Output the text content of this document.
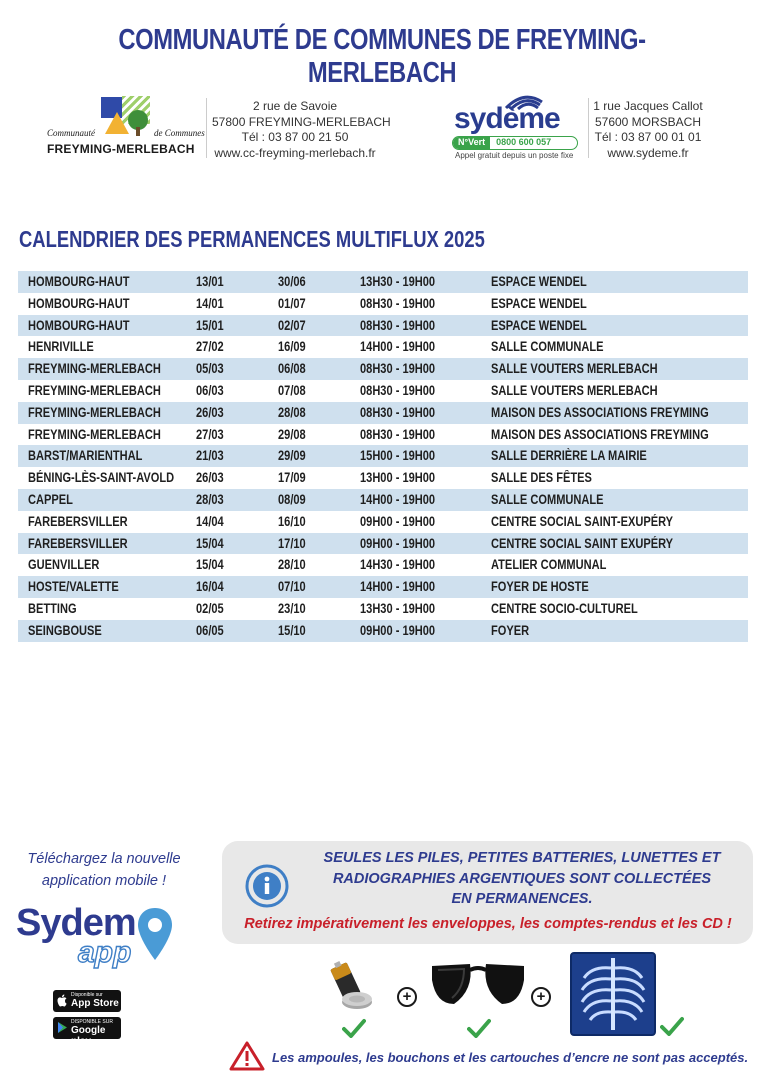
COMMUNAUTÉ DE COMMUNES DE FREYMING-MERLEBACH
Communauté	de Communes
FREYMING-MERLEBACH
2 rue de Savoie
57800 FREYMING-MERLEBACH
Tél : 03 87 00 21 50
www.cc-freyming-merlebach.fr
sydème
N°Vert	0800 600 057
Appel gratuit depuis un poste fixe
1 rue Jacques Callot
57600 MORSBACH
Tél : 03 87 00 01 01
www.sydeme.fr
CALENDRIER DES PERMANENCES MULTIFLUX 2025
HOMBOURG-HAUT	13/01	30/06	13H30 - 19H00	ESPACE WENDEL
HOMBOURG-HAUT	14/01	01/07	08H30 - 19H00	ESPACE WENDEL
HOMBOURG-HAUT	15/01	02/07	08H30 - 19H00	ESPACE WENDEL
HENRIVILLE	27/02	16/09	14H00 - 19H00	SALLE COMMUNALE
FREYMING-MERLEBACH	05/03	06/08	08H30 - 19H00	SALLE VOUTERS MERLEBACH
FREYMING-MERLEBACH	06/03	07/08	08H30 - 19H00	SALLE VOUTERS MERLEBACH
FREYMING-MERLEBACH	26/03	28/08	08H30 - 19H00	MAISON DES ASSOCIATIONS FREYMING
FREYMING-MERLEBACH	27/03	29/08	08H30 - 19H00	MAISON DES ASSOCIATIONS FREYMING
BARST/MARIENTHAL	21/03	29/09	15H00 - 19H00	SALLE DERRIÈRE LA MAIRIE
BÉNING-LÈS-SAINT-AVOLD 26/03	17/09	13H00 - 19H00	SALLE DES FÊTES
CAPPEL	28/03	08/09	14H00 - 19H00	SALLE COMMUNALE
FAREBERSVILLER	14/04	16/10	09H00 - 19H00	CENTRE SOCIAL SAINT-EXUPÉRY
FAREBERSVILLER	15/04	17/10	09H00 - 19H00	CENTRE SOCIAL SAINT EXUPÉRY
GUENVILLER	15/04	28/10	14H30 - 19H00	ATELIER COMMUNAL
HOSTE/VALETTE	16/04	07/10	14H00 - 19H00	FOYER DE HOSTE
BETTING	02/05	23/10	13H30 - 19H00	CENTRE SOCIO-CULTUREL
SEINGBOUSE	06/05	15/10	09H00 - 19H00	FOYER
Téléchargez la nouvelle
application mobile !
Sydem
app
Disponible sur
App Store
DISPONIBLE SUR
Google play
SEULES LES PILES, PETITES BATTERIES, LUNETTES ET
RADIOGRAPHIES ARGENTIQUES SONT COLLECTÉES
EN PERMANENCES.
Retirez impérativement les enveloppes, les comptes-rendus et les CD !
+	+
Les ampoules, les bouchons et les cartouches d’encre ne sont pas acceptés.
